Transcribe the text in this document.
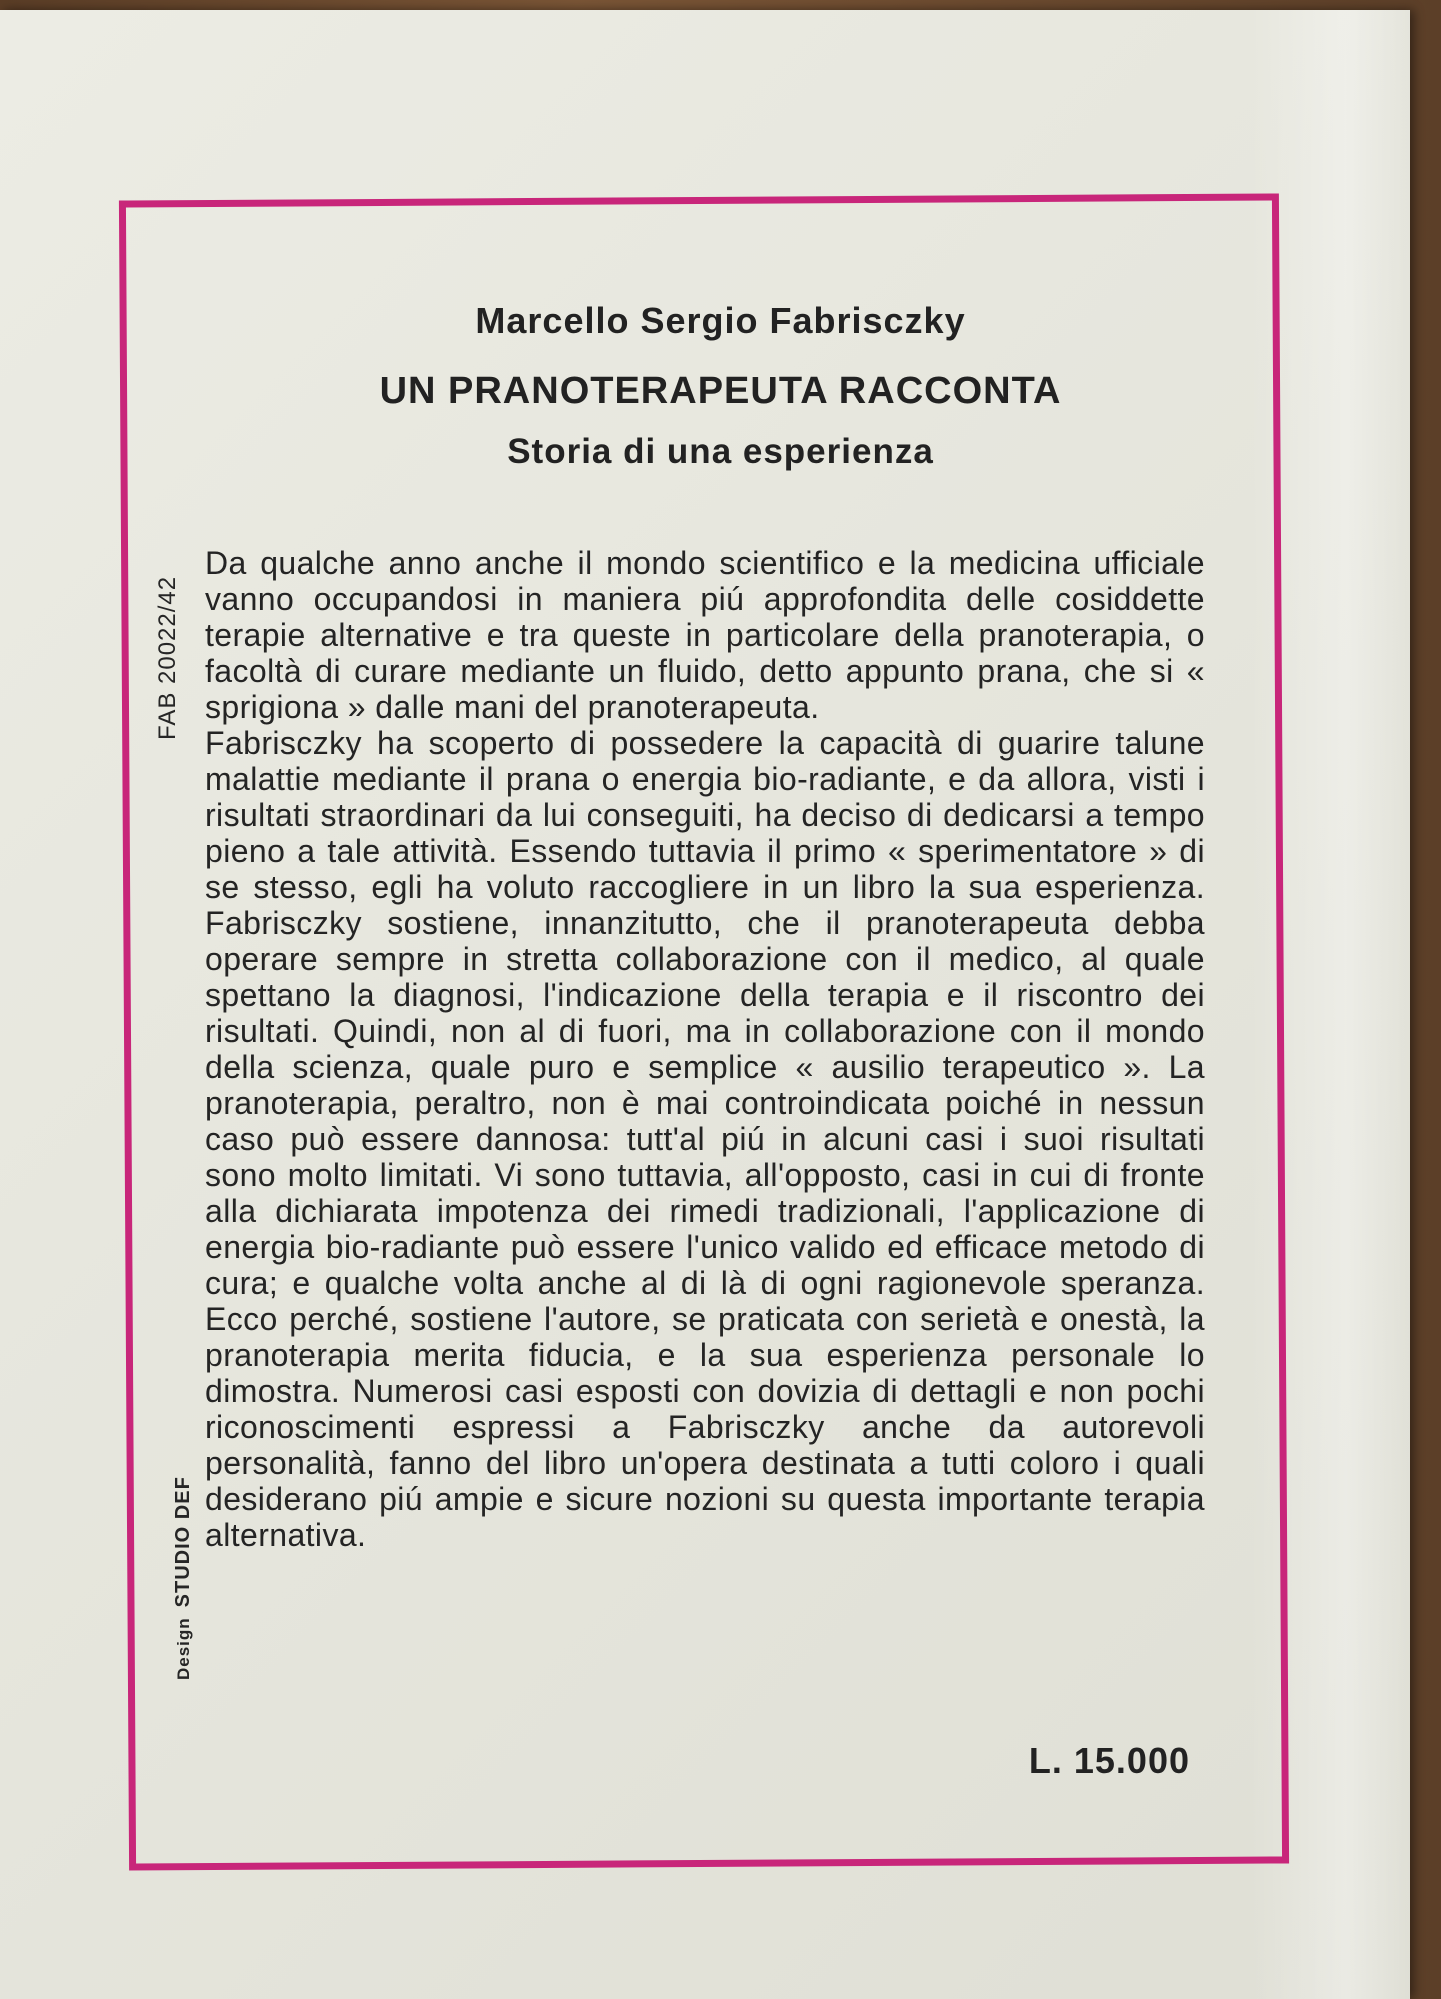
Marcello Sergio Fabrisczky
UN PRANOTERAPEUTA RACCONTA
Storia di una esperienza
FAB 20022/42

Da qualche anno anche il mondo scientifico e la medicina ufficiale vanno occupandosi in maniera piú approfondita delle cosiddette terapie alternative e tra queste in particolare della pranoterapia, o facoltà di curare mediante un fluido, detto appunto prana, che si « sprigiona » dalle mani del pranoterapeuta.
Fabrisczky ha scoperto di possedere la capacità di guarire talune malattie mediante il prana o energia bio-radiante, e da allora, visti i risultati straordinari da lui conseguiti, ha deciso di dedicarsi a tempo pieno a tale attività. Essendo tuttavia il primo « sperimentatore » di se stesso, egli ha voluto raccogliere in un libro la sua esperienza. Fabrisczky sostiene, innanzitutto, che il pranoterapeuta debba operare sempre in stretta collaborazione con il medico, al quale spettano la diagnosi, l'indicazione della terapia e il riscontro dei risultati. Quindi, non al di fuori, ma in collaborazione con il mondo della scienza, quale puro e semplice « ausilio terapeutico ». La pranoterapia, peraltro, non è mai controindicata poiché in nessun caso può essere dannosa: tutt'al piú in alcuni casi i suoi risultati sono molto limitati. Vi sono tuttavia, all'opposto, casi in cui di fronte alla dichiarata impotenza dei rimedi tradizionali, l'applicazione di energia bio-radiante può essere l'unico valido ed efficace metodo di cura; e qualche volta anche al di là di ogni ragionevole speranza. Ecco perché, sostiene l'autore, se praticata con serietà e onestà, la pranoterapia merita fiducia, e la sua esperienza personale lo dimostra. Numerosi casi esposti con dovizia di dettagli e non pochi riconoscimenti espressi a Fabrisczky anche da autorevoli personalità, fanno del libro un'opera destinata a tutti coloro i quali desiderano piú ampie e sicure nozioni su questa importante terapia alternativa.

DesignSTUDIO DEF
L. 15.000
